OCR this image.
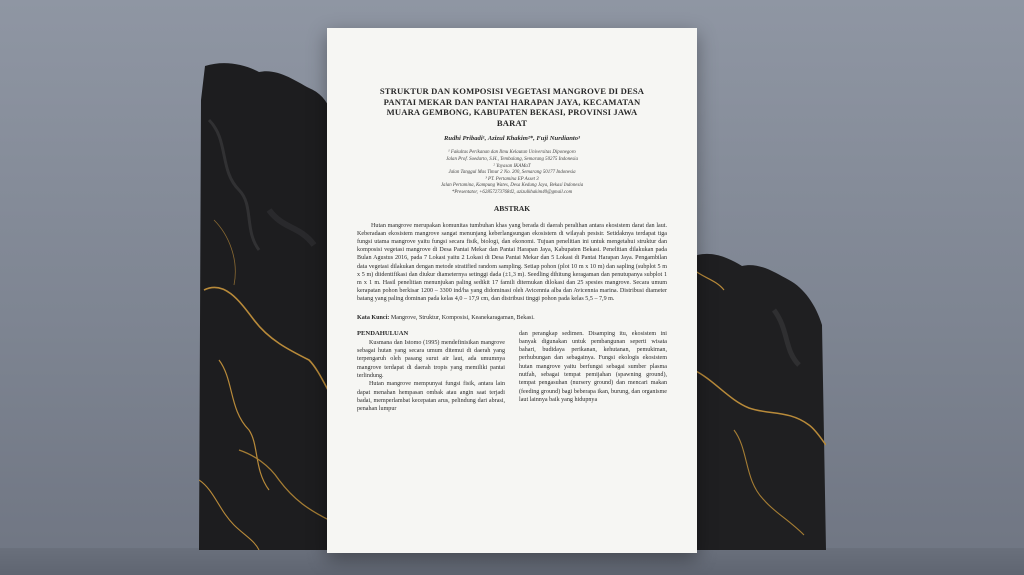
STRUKTUR DAN KOMPOSISI VEGETASI MANGROVE DI DESA PANTAI MEKAR DAN PANTAI HARAPAN JAYA, KECAMATAN MUARA GEMBONG, KABUPATEN BEKASI, PROVINSI JAWA BARAT
Rudhi Pribadi¹, Azizul Khakim²*, Fuji Nurdianto³
¹ Fakultas Perikanan dan Ilmu Kelautan Universitas Diponegoro
Jalan Prof. Soedarto, S.H., Tembalang, Semarang 50275 Indonesia
² Yayasan IKAMaT
Jalan Tanggul Mas Timur 2 No. 200, Semarang 50177 Indonesia
³ PT. Pertamina EP Asset 3
Jalan Pertamina, Kampung Wates, Desa Kedung Jaya, Bekasi Indonesia
*Presentator, +6285727376842, azizulkhakim40@gmail.com
ABSTRAK
Hutan mangrove merupakan komunitas tumbuhan khas yang berada di daerah peralihan antara ekosistem darat dan laut. Keberadaan ekosistem mangrove sangat menunjang keberlangsungan ekosistem di wilayah pesisir. Setidaknya terdapat tiga fungsi utama mangrove yaitu fungsi secara fisik, biologi, dan ekonomi. Tujuan penelitian ini untuk mengetahui struktur dan komposisi vegetasi mangrove di Desa Pantai Mekar dan Pantai Harapan Jaya, Kabupaten Bekasi. Penelitian dilakukan pada Bulan Agustus 2016, pada 7 Lokasi yaitu 2 Lokasi di Desa Pantai Mekar dan 5 Lokasi di Pantai Harapan Jaya. Pengambilan data vegetasi dilakukan dengan metode stratified random sampling. Setiap pohon (plot 10 m x 10 m) dan sapling (subplot 5 m x 5 m) diidentifikasi dan diukur diameternya setinggi dada (±1,3 m). Seedling dihitung keragaman dan penutupanya subplot 1 m x 1 m. Hasil penelitian menunjukan paling sedikit 17 famili ditemukan dilokasi dan 25 spesies mangrove. Secara umum kerapatan pohon berkisar 1200 – 3300 ind/ha yang didominasi oleh Avicennia alba dan Avicennia marina. Distribusi diameter batang yang paling dominan pada kelas 4,0 – 17,9 cm, dan distribusi tinggi pohon pada kelas 5,5 – 7,9 m.
Kata Kunci: Mangrove, Struktur, Komposisi, Keanekaragaman, Bekasi.
PENDAHULUAN
Kusmana dan Istomo (1995) mendefinisikan mangrove sebagai hutan yang secara umum ditemui di daerah yang terpengaruh oleh pasang surut air laut, ada umumnya mangrove terdapat di daerah tropis yang memiliki pantai terlindung.
Hutan mangrove mempunyai fungsi fisik, antara lain dapat menahan hempasan ombak atau angin saat terjadi badai, memperlambat kecepatan arus, pelindung dari abrasi, penahan lumpur
dan perangkap sedimen. Disamping itu, ekosistem ini banyak digunakan untuk pembangunan seperti wisata bahari, budidaya perikanan, kehutanan, pemukiman, perhubungan dan sebagainya. Fungsi ekologis ekosistem hutan mangrove yaitu berfungsi sebagai sumber plasma nutfah, sebagai tempat pemijahan (spawning ground), tempat pengasuhan (nursery ground) dan mencari makan (feeding ground) bagi beberapa ikan, burung, dan organisme laut lainnya baik yang hidupnya
